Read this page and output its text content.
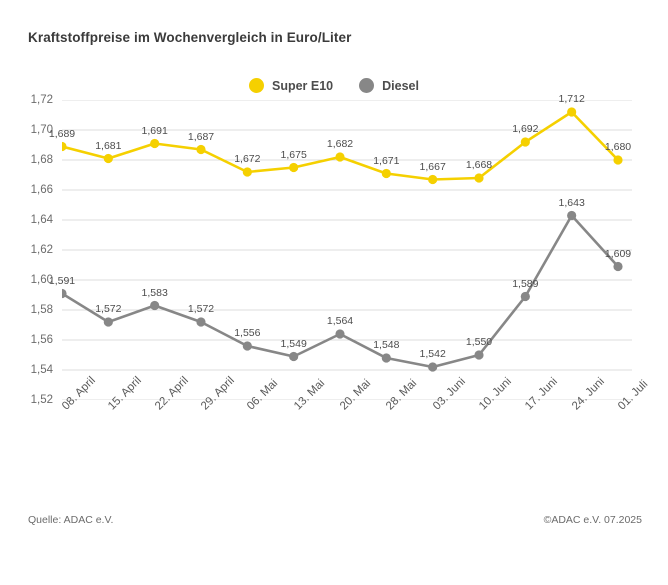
Kraftstoffpreise im Wochenvergleich in Euro/Liter
Super E10	Diesel
1,52
1,54
1,56
1,58
1,60
1,62
1,64
1,66
1,68
1,70
1,72
1,689
1,681
1,691 1,687
1,672 1,675
1,682
1,671 1,667 1,668
1,692
1,712
1,680
1,591
1,572
1,583
1,572
1,556
1,549
1,564
1,548
1,542
1,550
1,589
1,643
1,609
08. April 15. April 22. April 29. April 06. Mai 13. Mai 20. Mai 28. Mai 03. Juni 10. Juni 17. Juni 24. Juni 01. Juli
Quelle: ADAC e.V.	©ADAC e.V. 07.2025
